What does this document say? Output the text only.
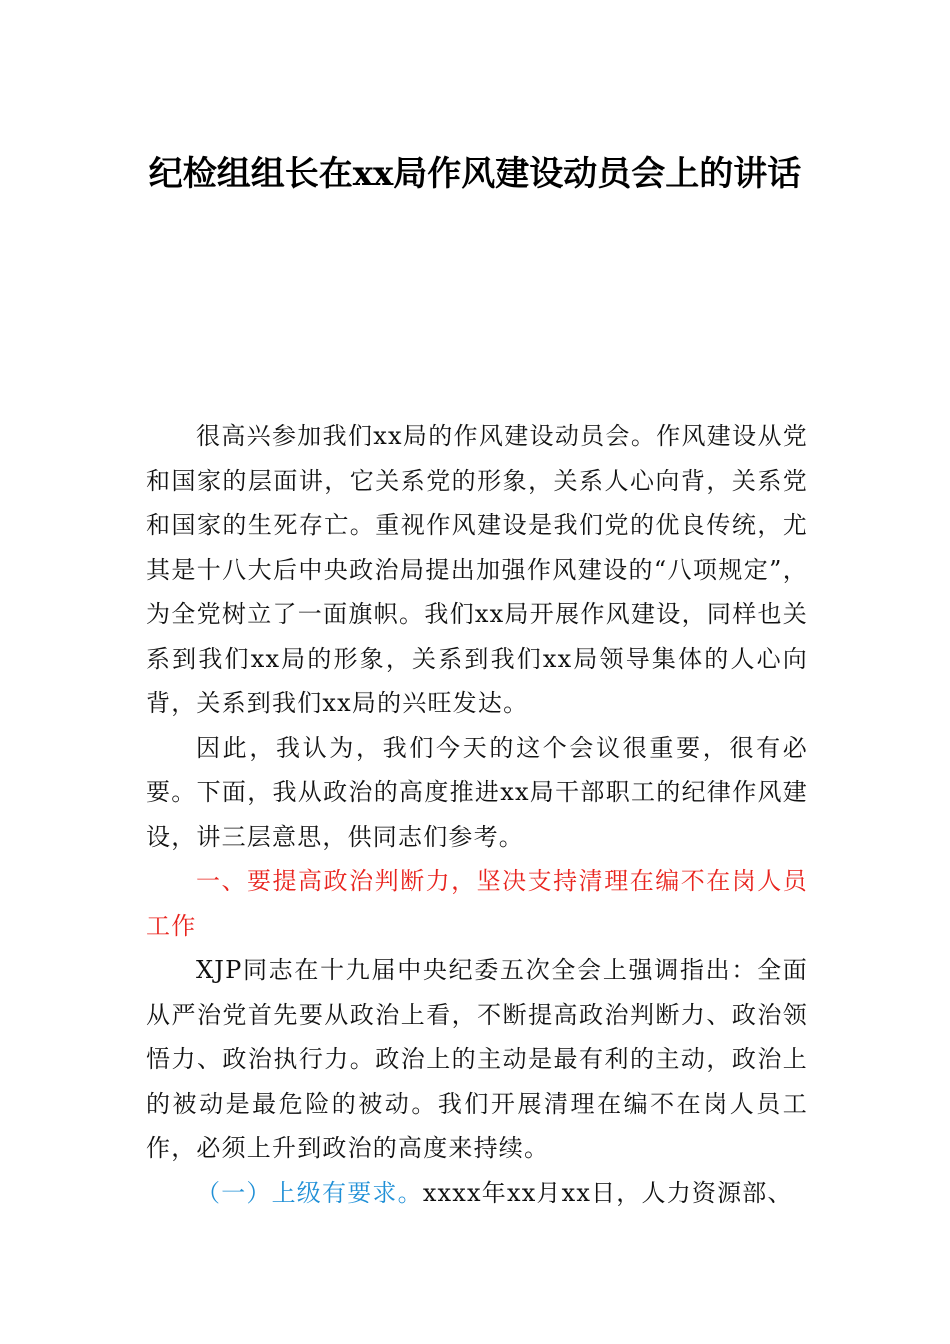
纪检组组长在xx局作风建设动员会上的讲话

很高兴参加我们xx局的作风建设动员会。作风建设从党和国家的层面讲，它关系党的形象，关系人心向背，关系党和国家的生死存亡。重视作风建设是我们党的优良传统，尤其是十八大后中央政治局提出加强作风建设的“八项规定”，为全党树立了一面旗帜。我们xx局开展作风建设，同样也关系到我们xx局的形象，关系到我们xx局领导集体的人心向背，关系到我们xx局的兴旺发达。

因此，我认为，我们今天的这个会议很重要，很有必要。下面，我从政治的高度推进xx局干部职工的纪律作风建设，讲三层意思，供同志们参考。

一、要提高政治判断力，坚决支持清理在编不在岗人员工作

XJP同志在十九届中央纪委五次全会上强调指出：全面从严治党首先要从政治上看，不断提高政治判断力、政治领悟力、政治执行力。政治上的主动是最有利的主动，政治上的被动是最危险的被动。我们开展清理在编不在岗人员工作，必须上升到政治的高度来持续。

（一）上级有要求。xxxx年xx月xx日，人力资源部、
